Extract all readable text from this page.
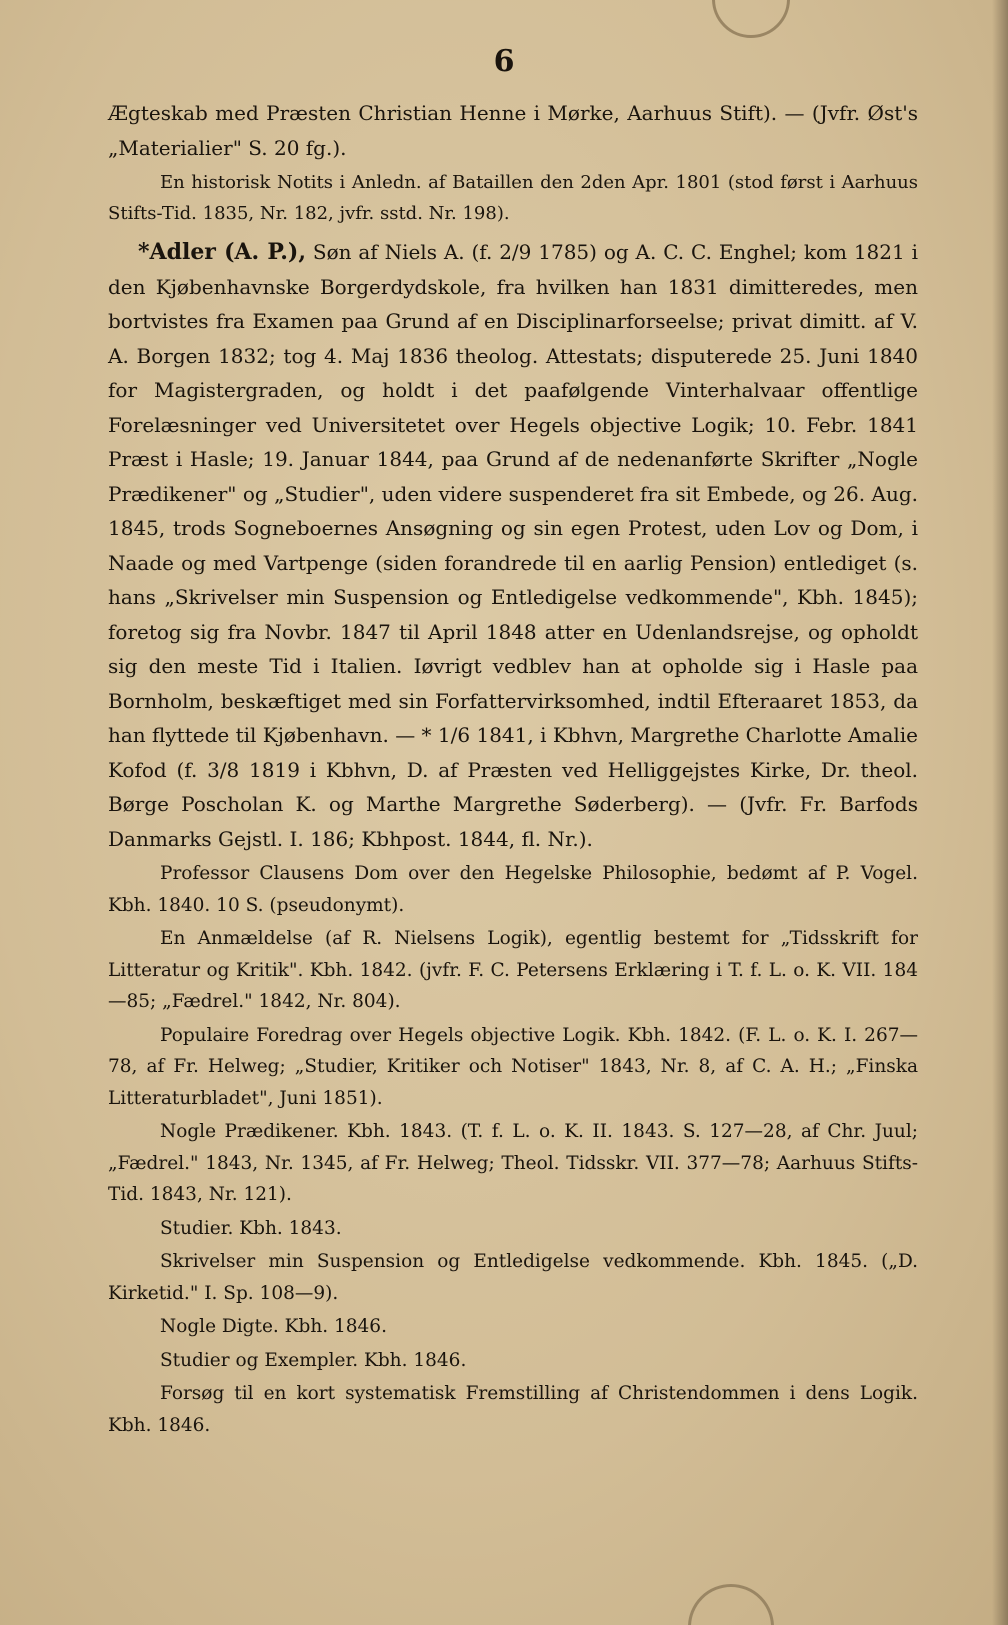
6

Ægteskab med Præsten Christian Henne i Mørke, Aarhuus Stift). — (Jvfr. Øst's „Materialier" S. 20 fg.).

En historisk Notits i Anledn. af Bataillen den 2den Apr. 1801 (stod først i Aarhuus Stifts-Tid. 1835, Nr. 182, jvfr. sstd. Nr. 198).

*Adler (A. P.), Søn af Niels A. (f. 2/9 1785) og A. C. C. Enghel; kom 1821 i den Kjøbenhavnske Borgerdydskole, fra hvilken han 1831 dimitteredes, men bortvistes fra Examen paa Grund af en Disciplinarforseelse; privat dimitt. af V. A. Borgen 1832; tog 4. Maj 1836 theolog. Attestats; disputerede 25. Juni 1840 for Magistergraden, og holdt i det paafølgende Vinterhalvaar offentlige Forelæsninger ved Universitetet over Hegels objective Logik; 10. Febr. 1841 Præst i Hasle; 19. Januar 1844, paa Grund af de nedenanførte Skrifter „Nogle Prædikener" og „Studier", uden videre suspenderet fra sit Embede, og 26. Aug. 1845, trods Sogneboernes Ansøgning og sin egen Protest, uden Lov og Dom, i Naade og med Vartpenge (siden forandrede til en aarlig Pension) entlediget (s. hans „Skrivelser min Suspension og Entledigelse vedkommende", Kbh. 1845); foretog sig fra Novbr. 1847 til April 1848 atter en Udenlandsrejse, og opholdt sig den meste Tid i Italien. Iøvrigt vedblev han at opholde sig i Hasle paa Bornholm, beskæftiget med sin Forfattervirksomhed, indtil Efteraaret 1853, da han flyttede til Kjøbenhavn. — * 1/6 1841, i Kbhvn, Margrethe Charlotte Amalie Kofod (f. 3/8 1819 i Kbhvn, D. af Præsten ved Helliggejstes Kirke, Dr. theol. Børge Poscholan K. og Marthe Margrethe Søderberg). — (Jvfr. Fr. Barfods Danmarks Gejstl. I. 186; Kbhpost. 1844, fl. Nr.).

Professor Clausens Dom over den Hegelske Philosophie, bedømt af P. Vogel. Kbh. 1840. 10 S. (pseudonymt).

En Anmældelse (af R. Nielsens Logik), egentlig bestemt for „Tidsskrift for Litteratur og Kritik". Kbh. 1842. (jvfr. F. C. Petersens Erklæring i T. f. L. o. K. VII. 184—85; „Fædrel." 1842, Nr. 804).

Populaire Foredrag over Hegels objective Logik. Kbh. 1842. (F. L. o. K. I. 267—78, af Fr. Helweg; „Studier, Kritiker och Notiser" 1843, Nr. 8, af C. A. H.; „Finska Litteraturbladet", Juni 1851).

Nogle Prædikener. Kbh. 1843. (T. f. L. o. K. II. 1843. S. 127—28, af Chr. Juul; „Fædrel." 1843, Nr. 1345, af Fr. Helweg; Theol. Tidsskr. VII. 377—78; Aarhuus Stifts-Tid. 1843, Nr. 121).

Studier. Kbh. 1843.

Skrivelser min Suspension og Entledigelse vedkommende. Kbh. 1845. („D. Kirketid." I. Sp. 108—9).

Nogle Digte. Kbh. 1846.

Studier og Exempler. Kbh. 1846.

Forsøg til en kort systematisk Fremstilling af Christendommen i dens Logik. Kbh. 1846.
